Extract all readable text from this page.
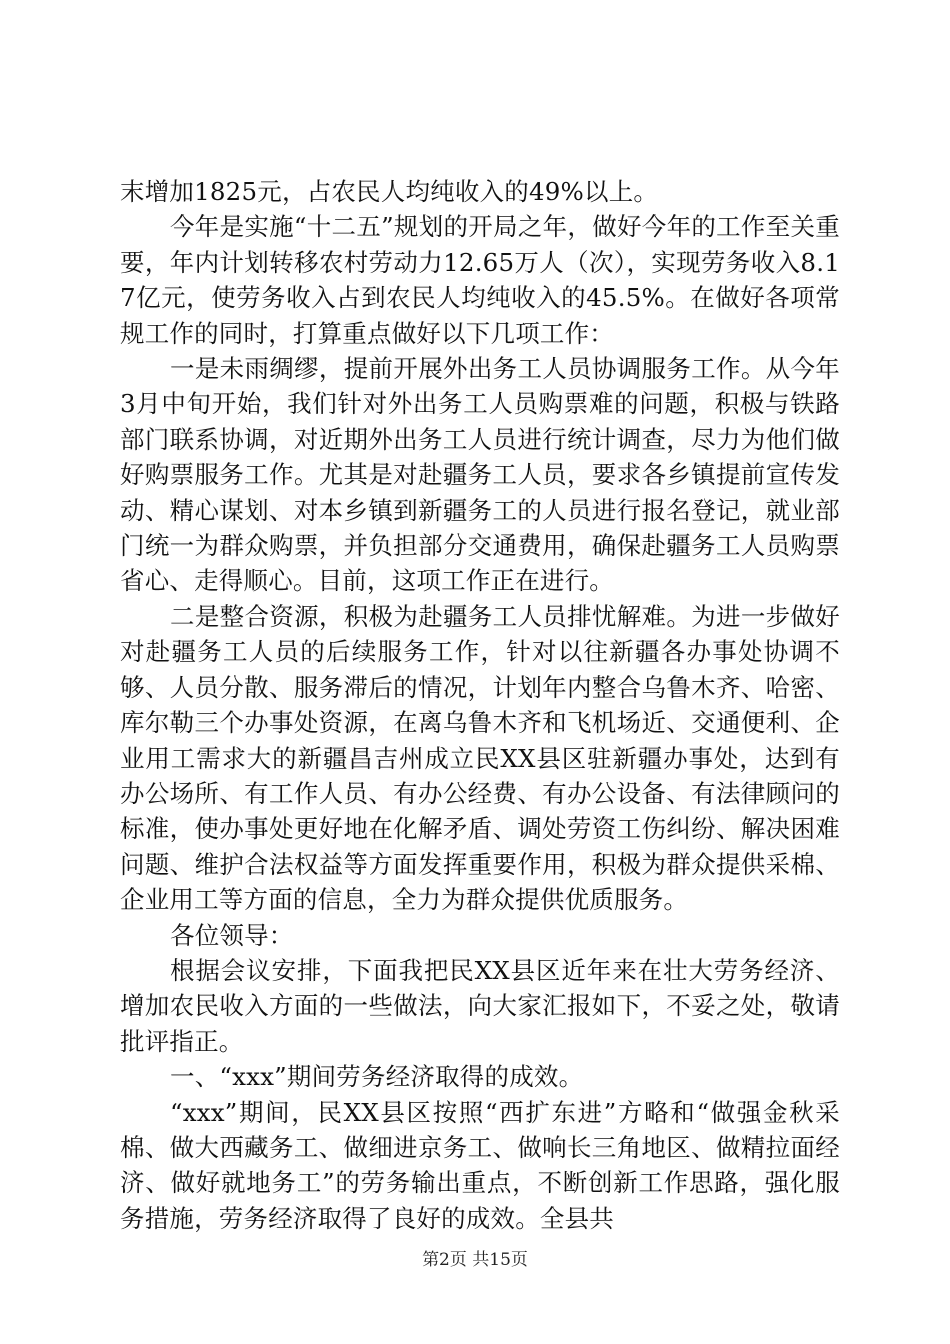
末增加1825元，占农民人均纯收入的49%以上。

今年是实施“十二五”规划的开局之年，做好今年的工作至关重要，年内计划转移农村劳动力12.65万人（次），实现劳务收入8.17亿元，使劳务收入占到农民人均纯收入的45.5%。在做好各项常规工作的同时，打算重点做好以下几项工作：

一是未雨绸缪，提前开展外出务工人员协调服务工作。从今年3月中旬开始，我们针对外出务工人员购票难的问题，积极与铁路部门联系协调，对近期外出务工人员进行统计调查，尽力为他们做好购票服务工作。尤其是对赴疆务工人员，要求各乡镇提前宣传发动、精心谋划、对本乡镇到新疆务工的人员进行报名登记，就业部门统一为群众购票，并负担部分交通费用，确保赴疆务工人员购票省心、走得顺心。目前，这项工作正在进行。

二是整合资源，积极为赴疆务工人员排忧解难。为进一步做好对赴疆务工人员的后续服务工作，针对以往新疆各办事处协调不够、人员分散、服务滞后的情况，计划年内整合乌鲁木齐、哈密、库尔勒三个办事处资源，在离乌鲁木齐和飞机场近、交通便利、企业用工需求大的新疆昌吉州成立民XX县区驻新疆办事处，达到有办公场所、有工作人员、有办公经费、有办公设备、有法律顾问的标准，使办事处更好地在化解矛盾、调处劳资工伤纠纷、解决困难问题、维护合法权益等方面发挥重要作用，积极为群众提供采棉、企业用工等方面的信息，全力为群众提供优质服务。

各位领导：

根据会议安排，下面我把民XX县区近年来在壮大劳务经济、增加农民收入方面的一些做法，向大家汇报如下，不妥之处，敬请批评指正。

一、“xxx”期间劳务经济取得的成效。

“xxx”期间，民XX县区按照“西扩东进”方略和“做强金秋采棉、做大西藏务工、做细进京务工、做响长三角地区、做精拉面经济、做好就地务工”的劳务输出重点，不断创新工作思路，强化服务措施，劳务经济取得了良好的成效。全县共

第2页 共15页
